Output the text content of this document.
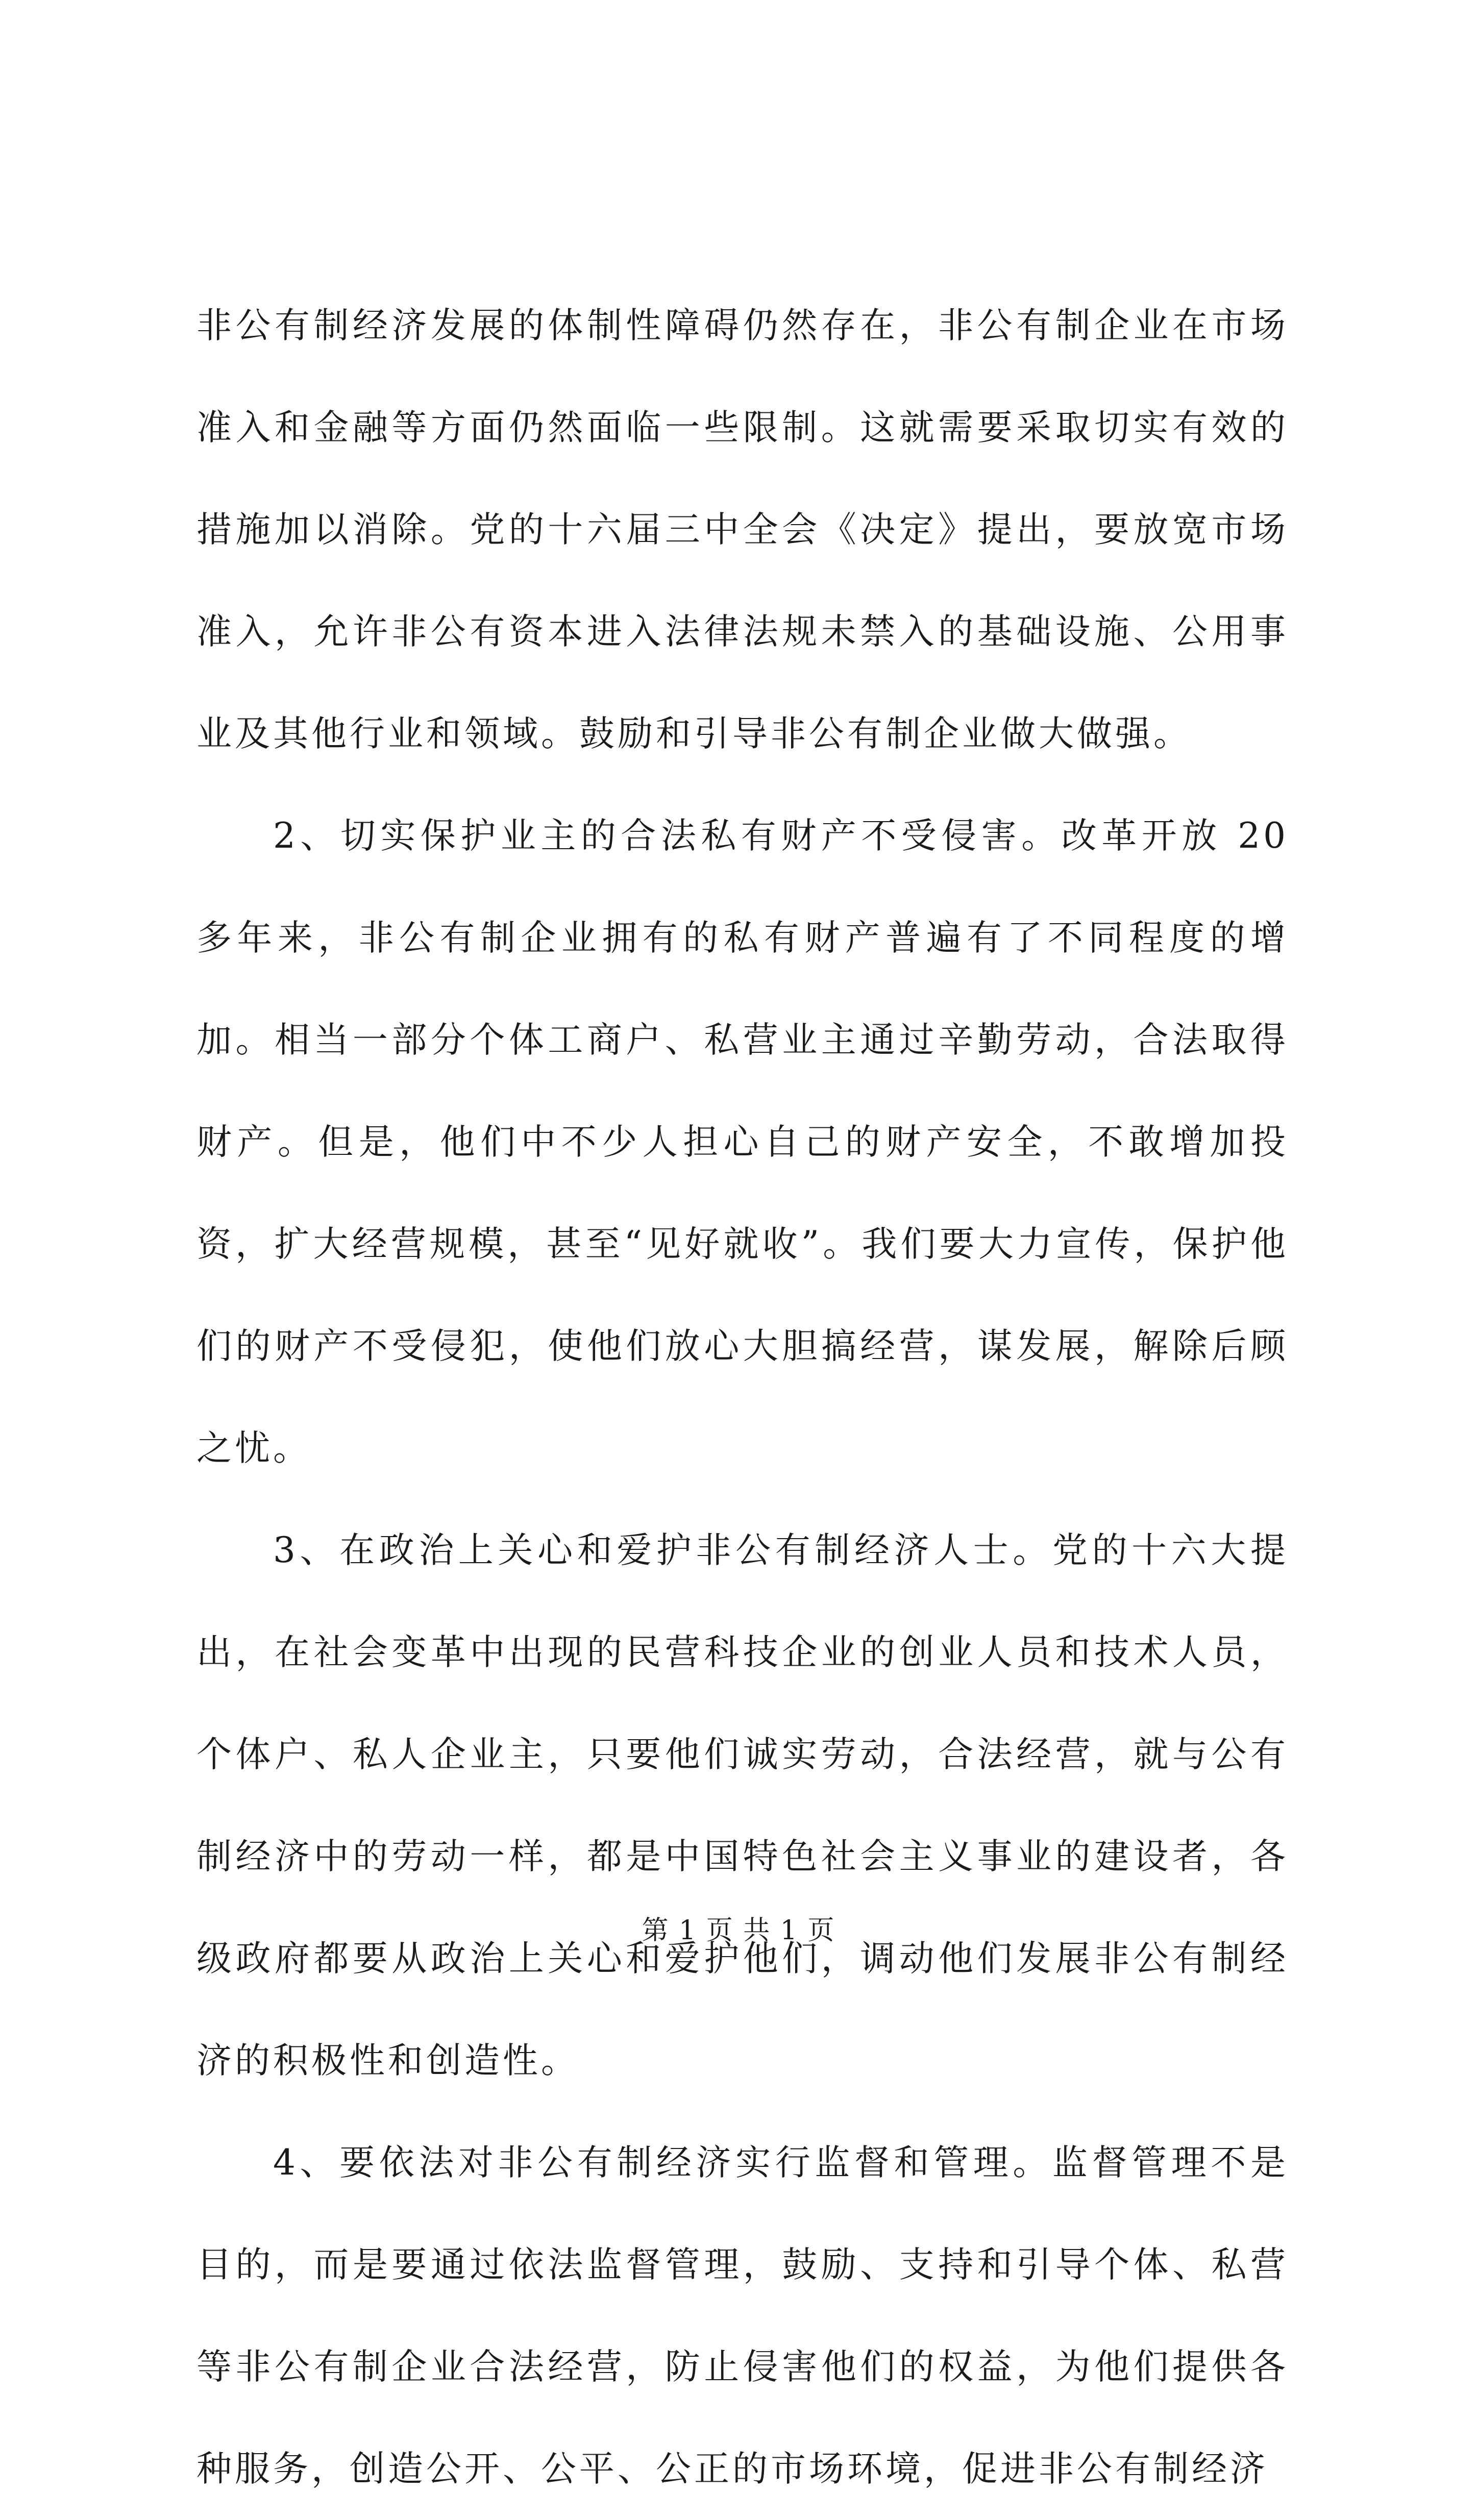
非公有制经济发展的体制性障碍仍然存在，非公有制企业在市场准入和金融等方面仍然面临一些限制。这就需要采取切实有效的措施加以消除。党的十六届三中全会《决定》提出，要放宽市场准入，允许非公有资本进入法律法规未禁入的基础设施、公用事业及其他行业和领域。鼓励和引导非公有制企业做大做强。

2、切实保护业主的合法私有财产不受侵害。改革开放 20 多年来，非公有制企业拥有的私有财产普遍有了不同程度的增加。相当一部分个体工商户、私营业主通过辛勤劳动，合法取得财产。但是，他们中不少人担心自己的财产安全，不敢增加投资，扩大经营规模，甚至“见好就收”。我们要大力宣传，保护他们的财产不受侵犯，使他们放心大胆搞经营，谋发展，解除后顾之忧。

3、在政治上关心和爱护非公有制经济人士。党的十六大提出，在社会变革中出现的民营科技企业的创业人员和技术人员，个体户、私人企业主，只要他们诚实劳动，合法经营，就与公有制经济中的劳动一样，都是中国特色社会主义事业的建设者，各级政府都要从政治上关心和爱护他们，调动他们发展非公有制经济的积极性和创造性。

4、要依法对非公有制经济实行监督和管理。监督管理不是目的，而是要通过依法监督管理，鼓励、支持和引导个体、私营等非公有制企业合法经营，防止侵害他们的权益，为他们提供各种服务，创造公开、公平、公正的市场环境，促进非公有制经济

第 1 页 共 1 页
